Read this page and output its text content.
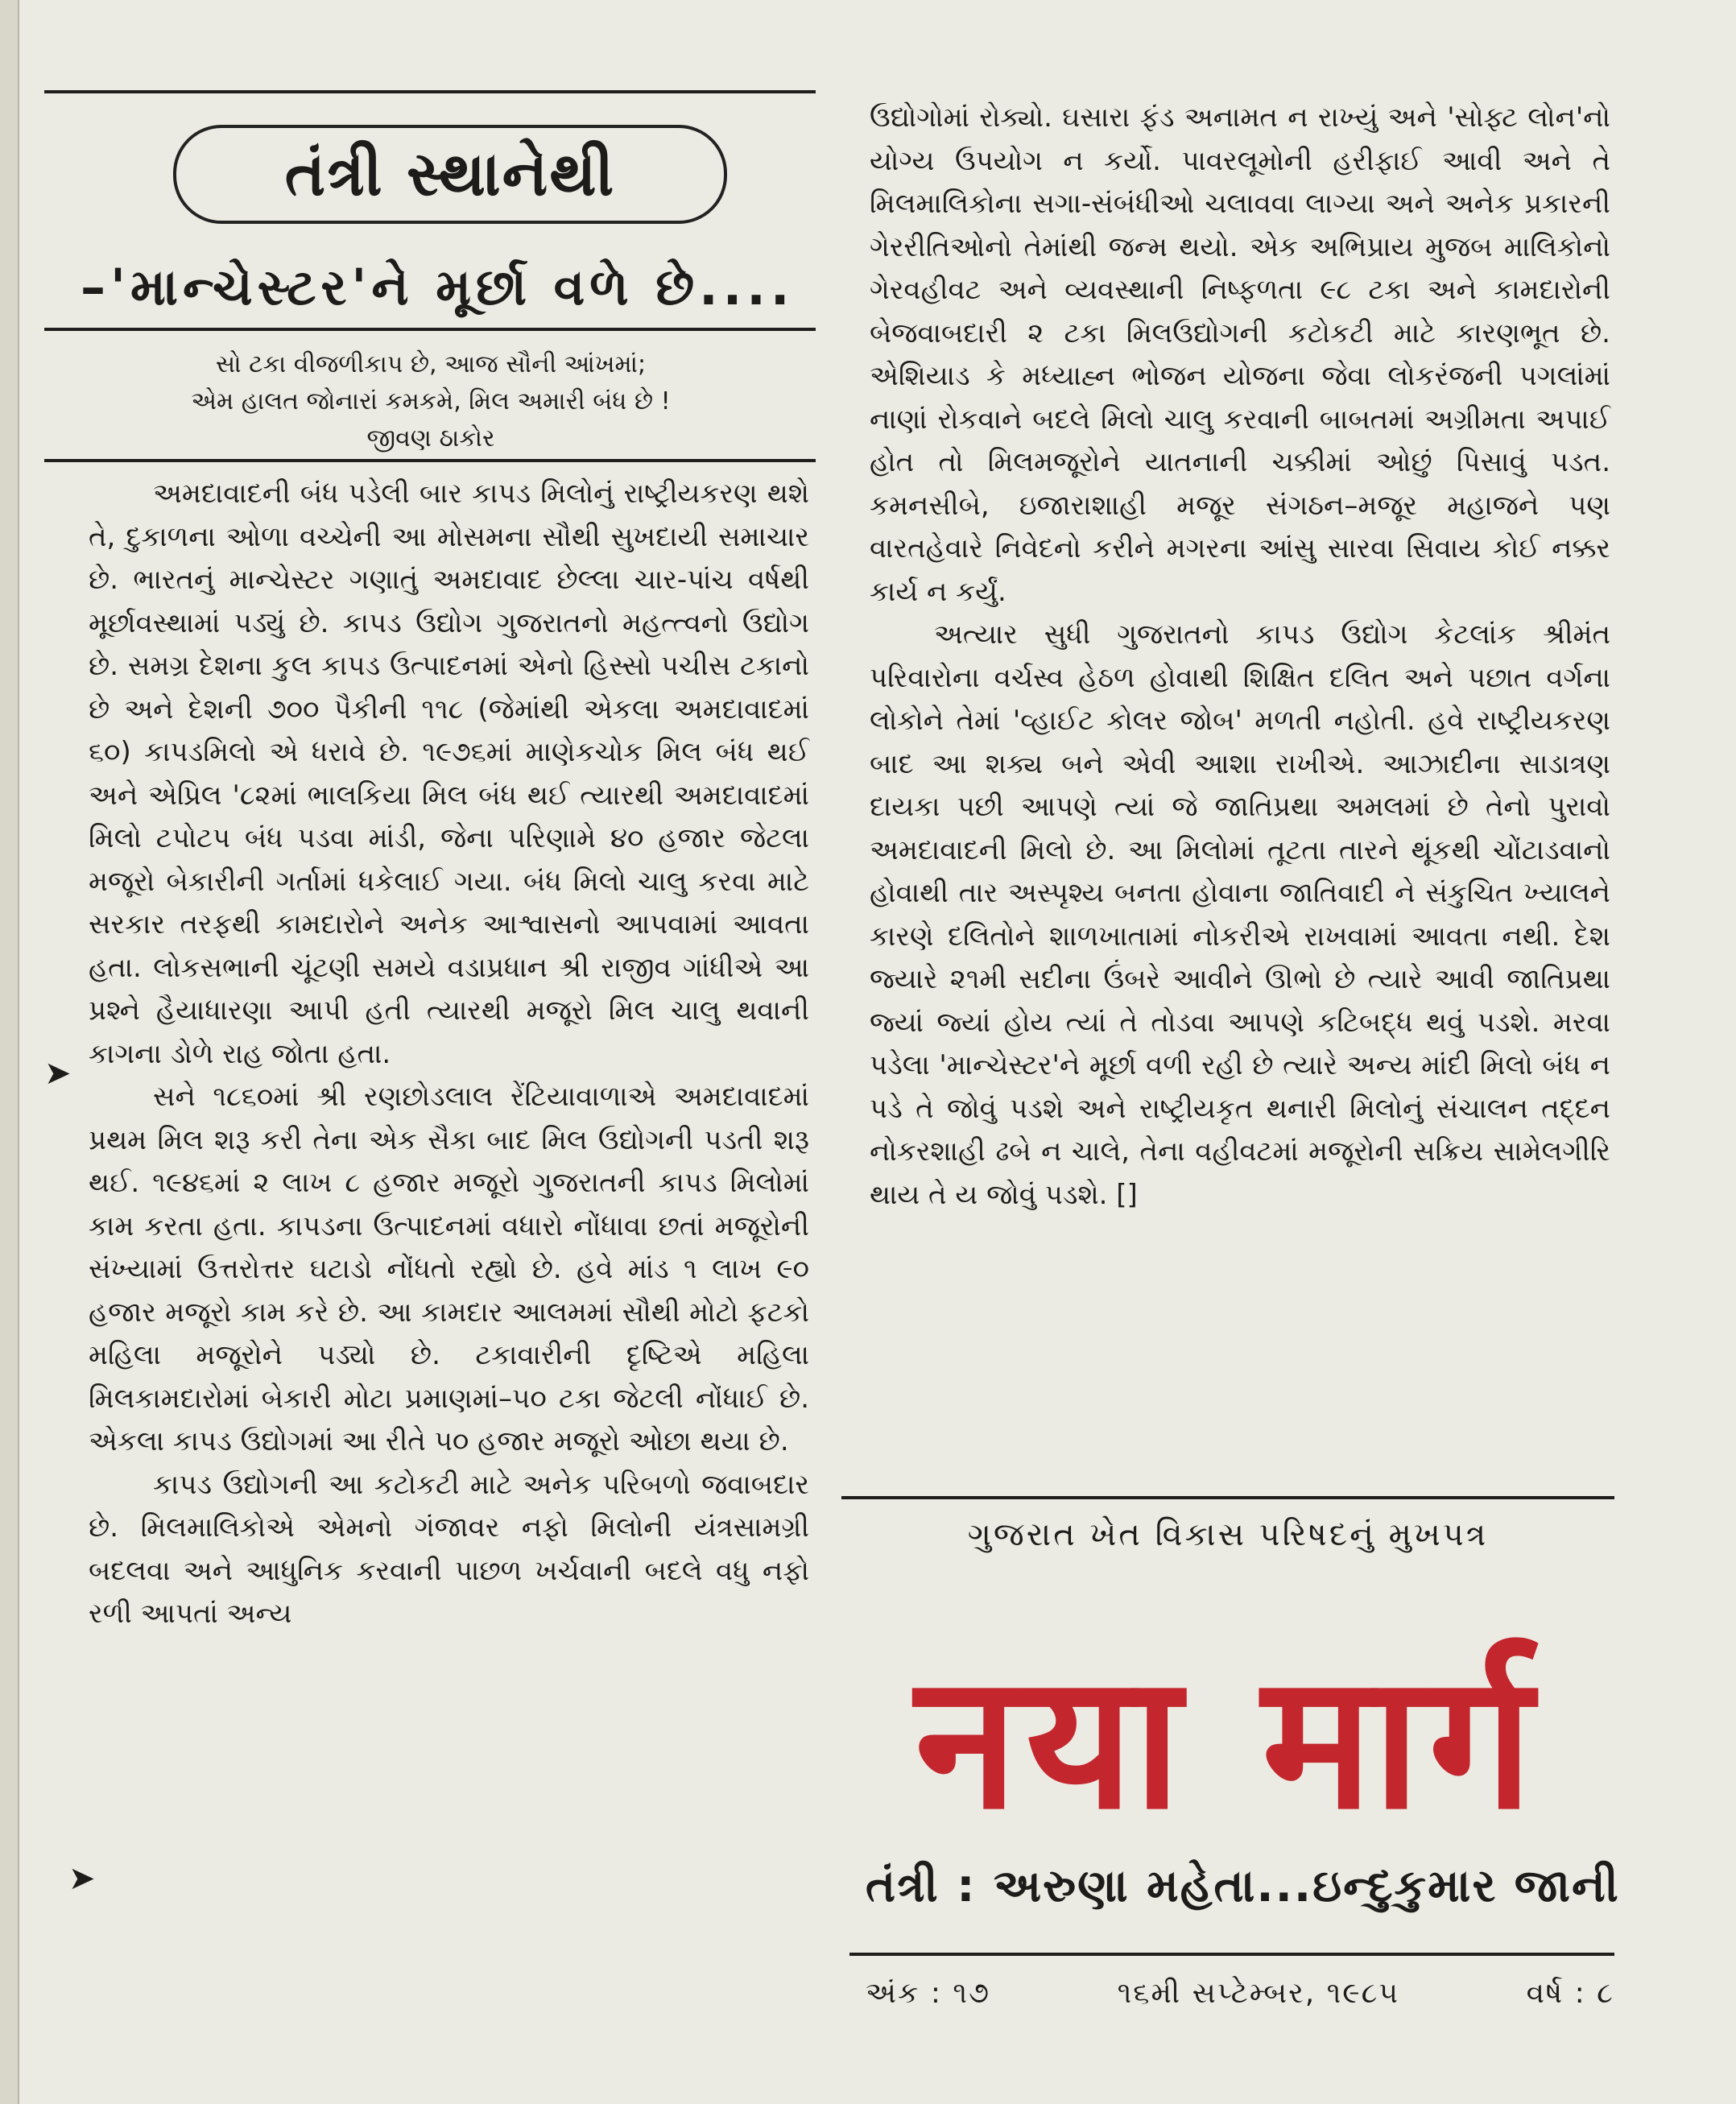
તંત્રી સ્થાનેથી
–'માન્ચેસ્ટર'ને મૂર્છા વળે છે....
સો ટકા વીજળીકાપ છે, આજ સૌની આંખમાં;
એમ હાલત જોનારાં કમકમે, મિલ અમારી બંધ છે !
જીવણ ઠાકોર

અમદાવાદની બંધ પડેલી બાર કાપડ મિલોનું રાષ્ટ્રીયકરણ થશે તે, દુકાળના ઓળા વચ્ચેની આ મોસમના સૌથી સુખદાયી સમાચાર છે. ભારતનું માન્ચેસ્ટર ગણાતું અમદાવાદ છેલ્લા ચાર-પાંચ વર્ષથી મૂર્છાવસ્થામાં પડ્યું છે. કાપડ ઉદ્યોગ ગુજરાતનો મહત્ત્વનો ઉદ્યોગ છે. સમગ્ર દેશના કુલ કાપડ ઉત્પાદનમાં એનો હિસ્સો પચીસ ટકાનો છે અને દેશની ૭૦૦ પૈકીની ૧૧૮ (જેમાંથી એકલા અમદાવાદમાં ૬૦) કાપડમિલો એ ધરાવે છે. ૧૯૭૬માં માણેકચોક મિલ બંધ થઈ અને એપ્રિલ '૮૨માં ભાલકિયા મિલ બંધ થઈ ત્યારથી અમદાવાદમાં મિલો ટપોટપ બંધ પડવા માંડી, જેના પરિણામે ૪૦ હજાર જેટલા મજૂરો બેકારીની ગર્તામાં ધકેલાઈ ગયા. બંધ મિલો ચાલુ કરવા માટે સરકાર તરફથી કામદારોને અનેક આશ્વાસનો આપવામાં આવતા હતા. લોકસભાની ચૂંટણી સમયે વડાપ્રધાન શ્રી રાજીવ ગાંધીએ આ પ્રશ્ને હૈયાધારણા આપી હતી ત્યારથી મજૂરો મિલ ચાલુ થવાની કાગના ડોળે રાહ જોતા હતા.

સને ૧૮૬૦માં શ્રી રણછોડલાલ રેંટિયાવાળાએ અમદાવાદમાં પ્રથમ મિલ શરૂ કરી તેના એક સૈકા બાદ મિલ ઉદ્યોગની પડતી શરૂ થઈ. ૧૯૪૬માં ૨ લાખ ૮ હજાર મજૂરો ગુજરાતની કાપડ મિલોમાં કામ કરતા હતા. કાપડના ઉત્પાદનમાં વધારો નોંધાવા છતાં મજૂરોની સંખ્યામાં ઉત્તરોત્તર ઘટાડો નોંધતો રહ્યો છે. હવે માંડ ૧ લાખ ૯૦ હજાર મજૂરો કામ કરે છે. આ કામદાર આલમમાં સૌથી મોટો ફટકો મહિલા મજૂરોને પડ્યો છે. ટકાવારીની દૃષ્ટિએ મહિલા મિલકામદારોમાં બેકારી મોટા પ્રમાણમાં–૫૦ ટકા જેટલી નોંધાઈ છે. એકલા કાપડ ઉદ્યોગમાં આ રીતે ૫૦ હજાર મજૂરો ઓછા થયા છે.

કાપડ ઉદ્યોગની આ કટોકટી માટે અનેક પરિબળો જવાબદાર છે. મિલમાલિકોએ એમનો ગંજાવર નફો મિલોની યંત્રસામગ્રી બદલવા અને આધુનિક કરવાની પાછળ ખર્ચવાની બદલે વધુ નફો રળી આપતાં અન્ય

➤
➤

ઉદ્યોગોમાં રોક્યો. ઘસારા ફંડ અનામત ન રાખ્યું અને 'સોફ્ટ લોન'નો યોગ્ય ઉપયોગ ન કર્યો. પાવરલૂમોની હરીફાઈ આવી અને તે મિલમાલિકોના સગા-સંબંધીઓ ચલાવવા લાગ્યા અને અનેક પ્રકારની ગેરરીતિઓનો તેમાંથી જન્મ થયો. એક અભિપ્રાય મુજબ માલિકોનો ગેરવહીવટ અને વ્યવસ્થાની નિષ્ફળતા ૯૮ ટકા અને કામદારોની બેજવાબદારી ૨ ટકા મિલઉદ્યોગની કટોકટી માટે કારણભૂત છે. એશિયાડ કે મધ્યાહ્ન ભોજન યોજના જેવા લોકરંજની પગલાંમાં નાણાં રોકવાને બદલે મિલો ચાલુ કરવાની બાબતમાં અગ્રીમતા અપાઈ હોત તો મિલમજૂરોને યાતનાની ચક્કીમાં ઓછું પિસાવું પડત. કમનસીબે, ઇજારાશાહી મજૂર સંગઠન–મજૂર મહાજને પણ વારતહેવારે નિવેદનો કરીને મગરના આંસુ સારવા સિવાય કોઈ નક્કર કાર્ય ન કર્યું.

અત્યાર સુધી ગુજરાતનો કાપડ ઉદ્યોગ કેટલાંક શ્રીમંત પરિવારોના વર્ચસ્વ હેઠળ હોવાથી શિક્ષિત દલિત અને પછાત વર્ગના લોકોને તેમાં 'વ્હાઈટ કોલર જોબ' મળતી નહોતી. હવે રાષ્ટ્રીયકરણ બાદ આ શક્ય બને એવી આશા રાખીએ. આઝાદીના સાડાત્રણ દાયકા પછી આપણે ત્યાં જે જાતિપ્રથા અમલમાં છે તેનો પુરાવો અમદાવાદની મિલો છે. આ મિલોમાં તૂટતા તારને થૂંકથી ચોંટાડવાનો હોવાથી તાર અસ્પૃશ્ય બનતા હોવાના જાતિવાદી ને સંકુચિત ખ્યાલને કારણે દલિતોને શાળખાતામાં નોકરીએ રાખવામાં આવતા નથી. દેશ જ્યારે ૨૧મી સદીના ઉંબરે આવીને ઊભો છે ત્યારે આવી જાતિપ્રથા જ્યાં જ્યાં હોય ત્યાં તે તોડવા આપણે કટિબદ્ધ થવું પડશે. મરવા પડેલા 'માન્ચેસ્ટર'ને મૂર્છા વળી રહી છે ત્યારે અન્ય માંદી મિલો બંધ ન પડે તે જોવું પડશે અને રાષ્ટ્રીયકૃત થનારી મિલોનું સંચાલન તદ્દન નોકરશાહી ઢબે ન ચાલે, તેના વહીવટમાં મજૂરોની સક્રિય સામેલગીરિ થાય તે ય જોવું પડશે. []

ગુજરાત ખેત વિકાસ પરિષદનું મુખપત્ર
नया मार्ग
તંત્રી : અરુણા મહેતા...ઇન્દુકુમાર જાની
અંક : ૧૭	૧૬મી સપ્ટેમ્બર, ૧૯૮૫	વર્ષ : ૮
